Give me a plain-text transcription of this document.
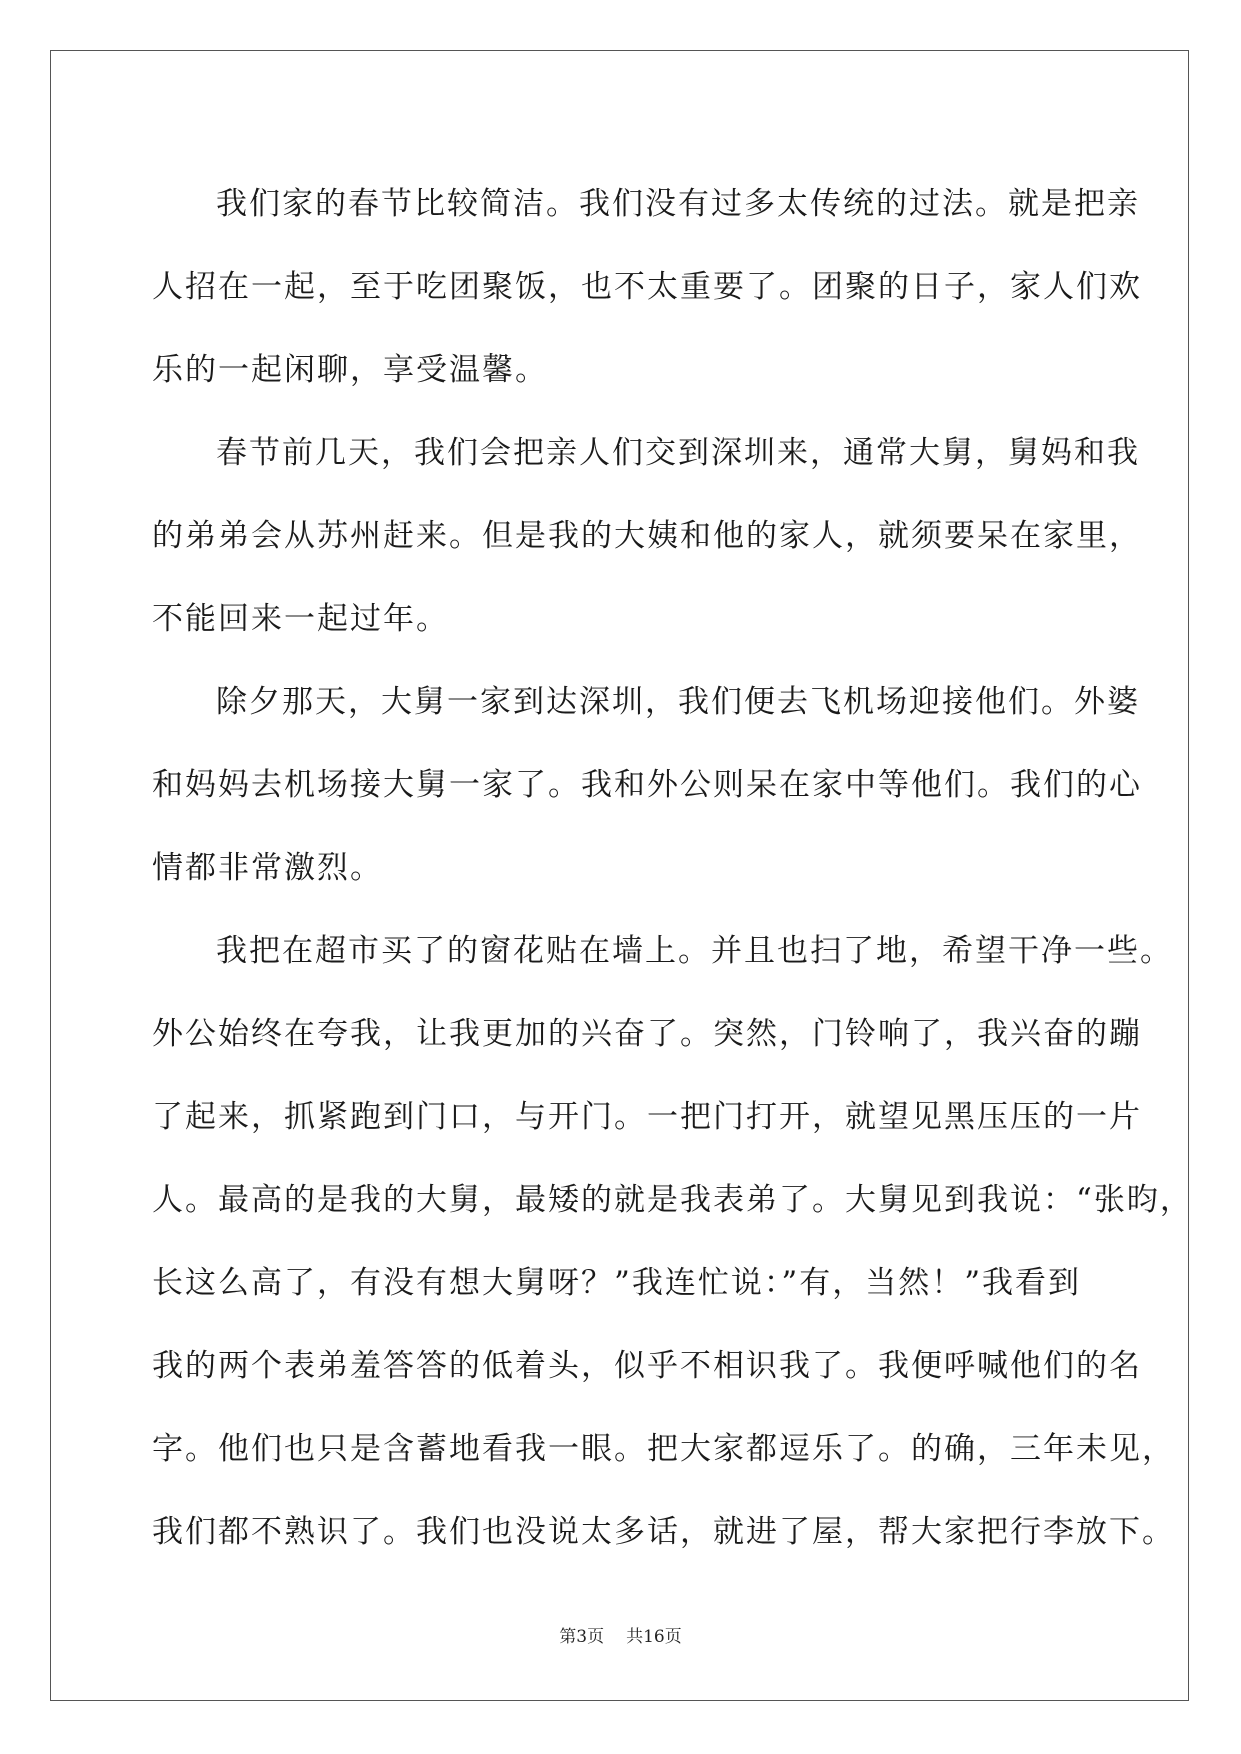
我们家的春节比较简洁。我们没有过多太传统的过法。就是把亲
人招在一起，至于吃团聚饭，也不太重要了。团聚的日子，家人们欢
乐的一起闲聊，享受温馨。

春节前几天，我们会把亲人们交到深圳来，通常大舅，舅妈和我
的弟弟会从苏州赶来。但是我的大姨和他的家人，就须要呆在家里，
不能回来一起过年。

除夕那天，大舅一家到达深圳，我们便去飞机场迎接他们。外婆
和妈妈去机场接大舅一家了。我和外公则呆在家中等他们。我们的心
情都非常激烈。

我把在超市买了的窗花贴在墙上。并且也扫了地，希望干净一些。
外公始终在夸我，让我更加的兴奋了。突然，门铃响了，我兴奋的蹦
了起来，抓紧跑到门口，与开门。一把门打开，就望见黑压压的一片
人。最高的是我的大舅，最矮的就是我表弟了。大舅见到我说：“张昀，
长这么高了，有没有想大舅呀？”我连忙说：”有，当然！”我看到
我的两个表弟羞答答的低着头，似乎不相识我了。我便呼喊他们的名
字。他们也只是含蓄地看我一眼。把大家都逗乐了。的确，三年未见，
我们都不熟识了。我们也没说太多话，就进了屋，帮大家把行李放下。

第3页 共16页
